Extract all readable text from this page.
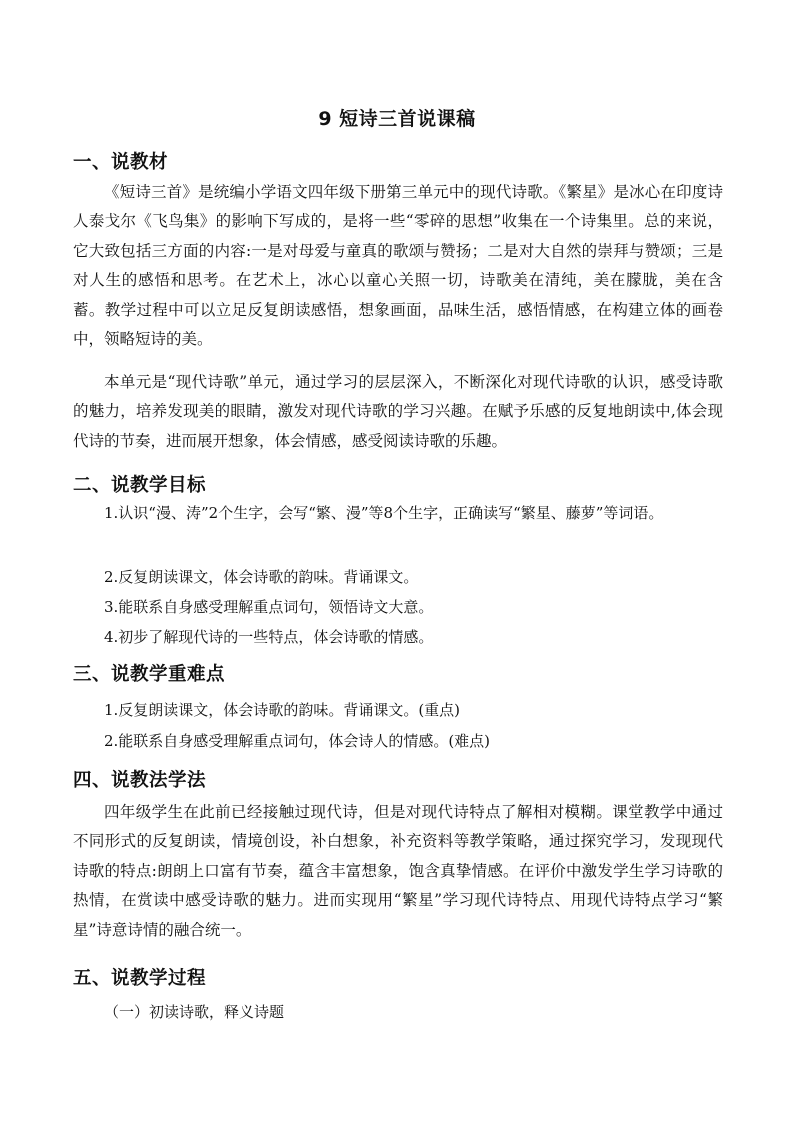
9 短诗三首说课稿
一、说教材

《短诗三首》是统编小学语文四年级下册第三单元中的现代诗歌。《繁星》是冰心在印度诗人泰戈尔《飞鸟集》的影响下写成的，是将一些“零碎的思想”收集在一个诗集里。总的来说，它大致包括三方面的内容:一是对母爱与童真的歌颂与赞扬；二是对大自然的崇拜与赞颂；三是对人生的感悟和思考。在艺术上，冰心以童心关照一切，诗歌美在清纯，美在朦胧，美在含蓄。教学过程中可以立足反复朗读感悟，想象画面，品味生活，感悟情感，在构建立体的画卷中，领略短诗的美。

本单元是“现代诗歌”单元，通过学习的层层深入，不断深化对现代诗歌的认识，感受诗歌的魅力，培养发现美的眼睛，激发对现代诗歌的学习兴趣。在赋予乐感的反复地朗读中,体会现代诗的节奏，进而展开想象，体会情感，感受阅读诗歌的乐趣。

二、说教学目标
1.认识“漫、涛”2个生字，会写“繁、漫”等8个生字，正确读写“繁星、藤萝”等词语。
2.反复朗读课文，体会诗歌的韵味。背诵课文。
3.能联系自身感受理解重点词句，领悟诗文大意。
4.初步了解现代诗的一些特点，体会诗歌的情感。
三、说教学重难点
1.反复朗读课文，体会诗歌的韵味。背诵课文。(重点)
2.能联系自身感受理解重点词句，体会诗人的情感。(难点)
四、说教法学法

四年级学生在此前已经接触过现代诗，但是对现代诗特点了解相对模糊。课堂教学中通过不同形式的反复朗读，情境创设，补白想象，补充资料等教学策略，通过探究学习，发现现代诗歌的特点:朗朗上口富有节奏，蕴含丰富想象，饱含真挚情感。在评价中激发学生学习诗歌的热情，在赏读中感受诗歌的魅力。进而实现用“繁星”学习现代诗特点、用现代诗特点学习“繁星”诗意诗情的融合统一。

五、说教学过程
（一）初读诗歌，释义诗题
